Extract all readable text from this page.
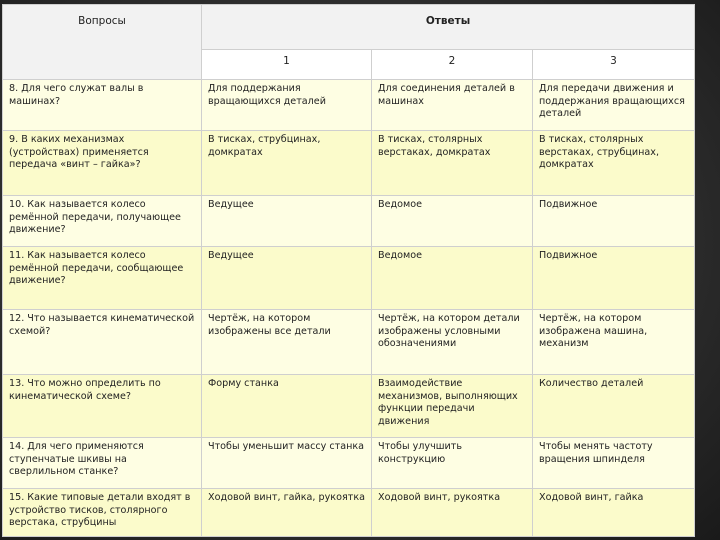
Вопросы	Ответы		
	1	2	3
8. Для чего служат валы в машинах?	Для поддержания вращающихся деталей	Для соединения деталей в машинах	Для передачи движения и поддержания вращающихся деталей
9. В каких механизмах (устройствах) применяется передача «винт – гайка»?	В тисках, струбцинах, домкратах	В тисках, столярных верстаках, домкратах	В тисках, столярных верстаках, струбцинах, домкратах
10. Как называется колесо ремённой передачи, получающее движение?	Ведущее	Ведомое	Подвижное
11. Как называется колесо ремённой передачи, сообщающее движение?	Ведущее	Ведомое	Подвижное
12. Что называется кинематической схемой?	Чертёж, на котором изображены все детали	Чертёж, на котором детали изображены условными обозначениями	Чертёж, на котором изображена машина, механизм
13. Что можно определить по кинематической схеме?	Форму станка	Взаимодействие механизмов, выполняющих функции передачи движения	Количество деталей
14. Для чего применяются ступенчатые шкивы на сверлильном станке?	Чтобы уменьшит массу станка	Чтобы улучшить конструкцию	Чтобы менять частоту вращения шпинделя
15. Какие типовые детали входят в устройство тисков, столярного верстака, струбцины	Ходовой винт, гайка, рукоятка	Ходовой винт, рукоятка	Ходовой винт, гайка
